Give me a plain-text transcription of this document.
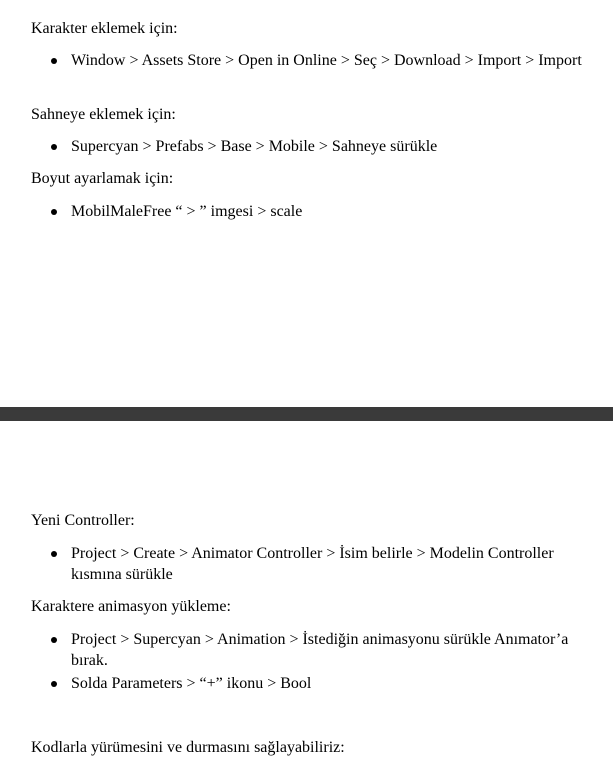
Karakter eklemek için:

Window > Assets Store > Open in Online > Seç > Download > Import > Import

Sahneye eklemek için:

Supercyan > Prefabs > Base > Mobile > Sahneye sürükle

Boyut ayarlamak için:

MobilMaleFree “ > ” imgesi > scale

Yeni Controller:

Project > Create > Animator Controller > İsim belirle > Modelin Controller kısmına sürükle

Karaktere animasyon yükleme:

Project > Supercyan > Animation > İstediğin animasyonu sürükle Anımator’a bırak.
Solda Parameters > “+” ikonu > Bool

Kodlarla yürümesini ve durmasını sağlayabiliriz:
